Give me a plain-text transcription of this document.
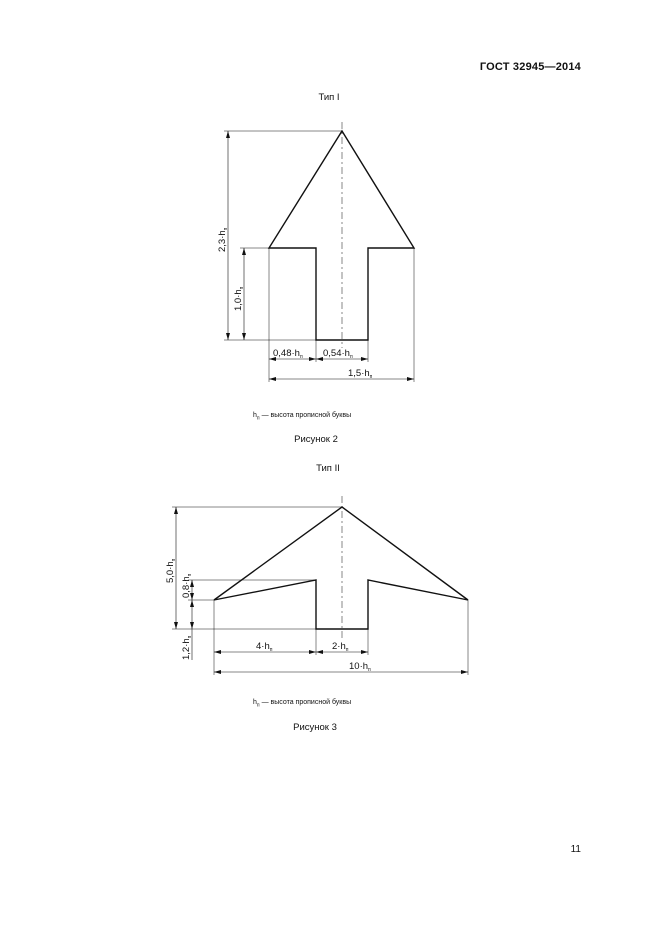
ГОСТ 32945—2014
Тип I
$h_п$ — высота прописной буквы
Рисунок 2
Тип II
$h_п$ — высота прописной буквы
Рисунок 3
11
$2,3\cdot h_п$
$1,0\cdot h_п$
$0,48\cdot h_п$ $0,54\cdot h_п$
$1,5\cdot h_п$
$5,0\cdot h_п$
$0,8\cdot h_п$
$1,2\cdot h_п$
$4\cdot h_п$	$2\cdot h_п$
$10\cdot h_п$
